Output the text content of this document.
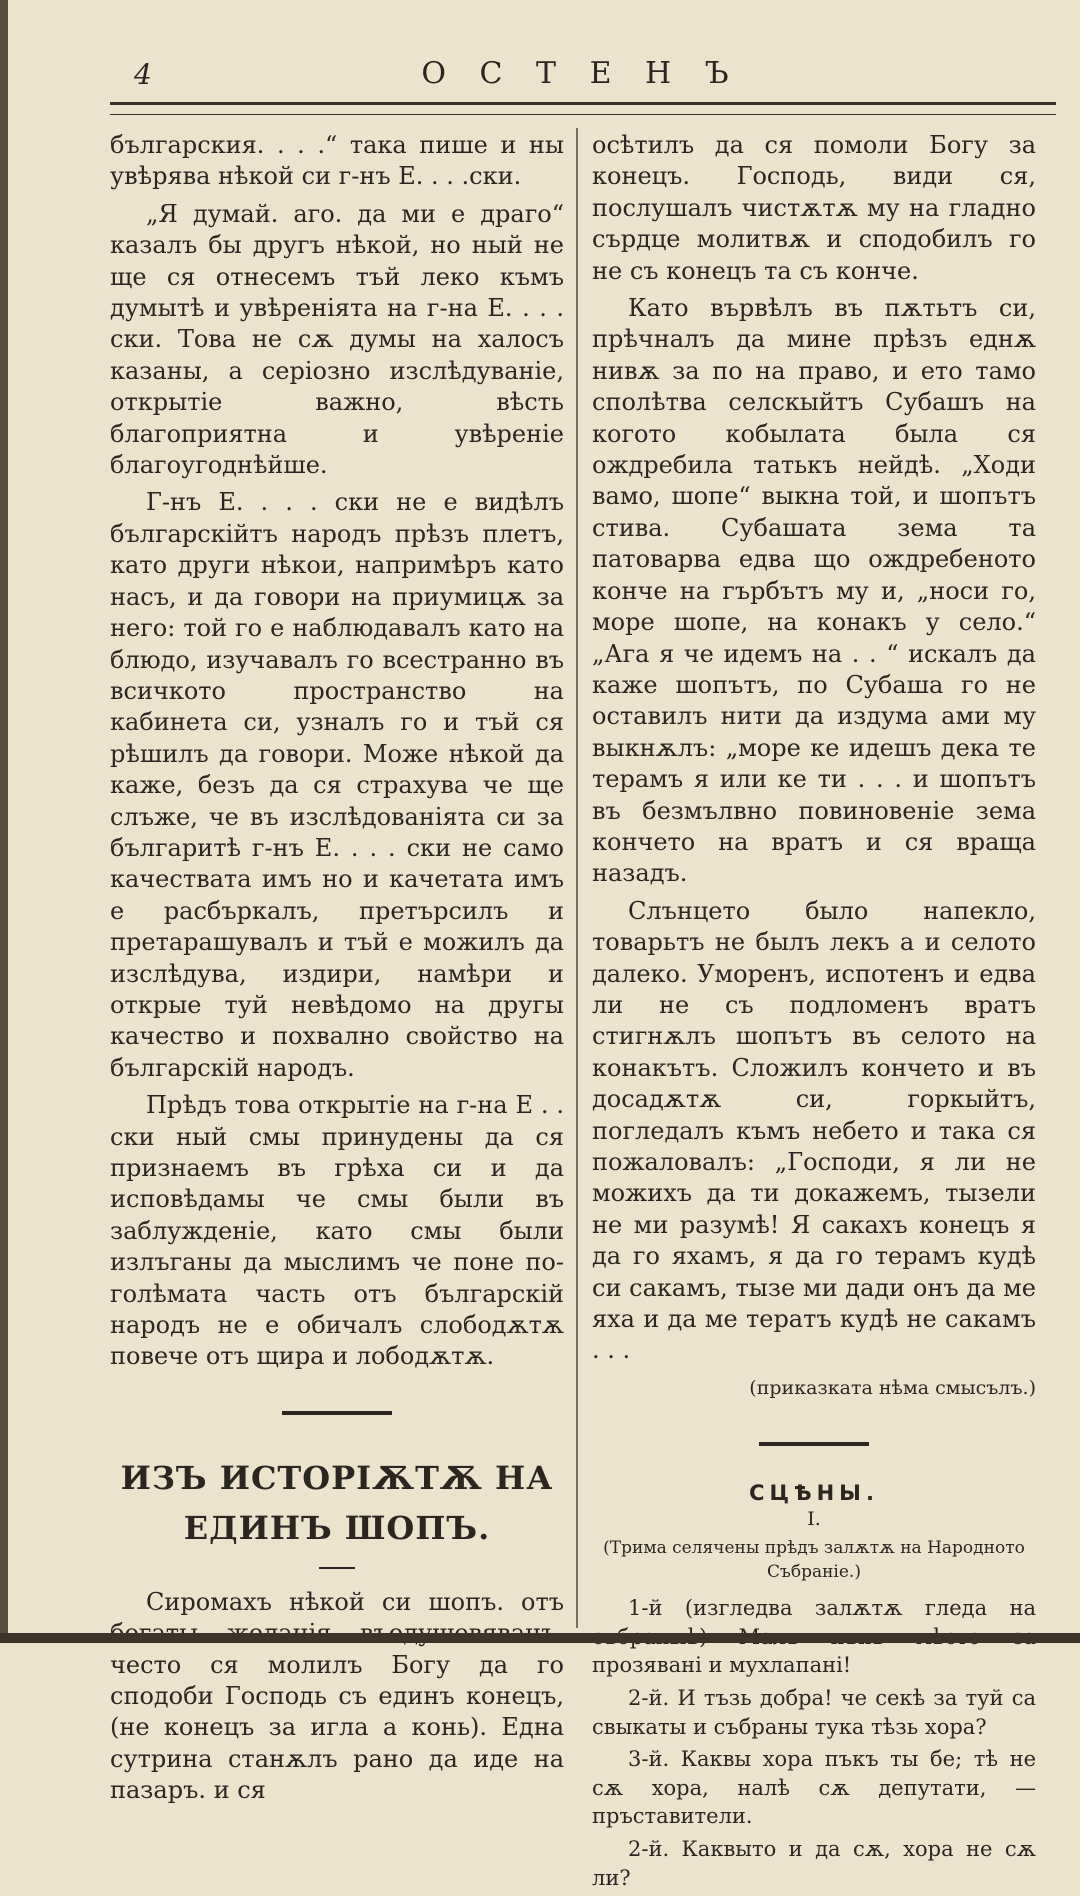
4	О С Т Е Н Ъ

българския. . . .“ така пише и ны увѣрява нѣкой си г-нъ Е. . . .ски.

„Я думай. аго. да ми е драго“ казалъ бы другъ нѣкой, но ный не ще ся отнесемъ тъй леко къмъ думытѣ и увѣренiята на г-на Е. . . . ски. Това не сѫ думы на халосъ казаны, а серiозно изслѣдуванiе, открытiе важно, вѣсть благоприятна и увѣренiе благоугоднѣйше.

Г-нъ Е. . . . ски не е видѣлъ българскiйтъ народъ прѣзъ плетъ, като други нѣкои, напримѣръ като насъ, и да говори на приумицѫ за него: той го е наблюдавалъ като на блюдо, изучавалъ го всестранно въ всичкото пространство на кабинета си, узналъ го и тъй ся рѣшилъ да говори. Може нѣкой да каже, безъ да ся страхува че ще слъже, че въ изслѣдованiята си за българитѣ г-нъ Е. . . . ски не само качествата имъ но и качетата имъ е расбъркалъ, претърсилъ и претарашувалъ и тъй е можилъ да изслѣдува, издири, намѣри и открые туй невѣдомо на другы качество и похвално свойство на българскiй народъ.

Прѣдъ това открытiе на г-на Е . . ски ный смы принудены да ся признаемъ въ грѣха си и да исповѣдамы че смы были въ заблужденiе, като смы были излъганы да мыслимъ че поне по-голѣмата часть отъ българскiй народъ не е обичалъ слободѫтѫ повече отъ щира и лободѫтѫ.

ИЗЪ ИСТОРIѪТѪ НА ЕДИНЪ ШОПЪ.

Сиромахъ нѣкой си шопъ. отъ често ся молилъ Богу да го сподоби Господь съ единъ конецъ, (не конецъ за игла а конь). Една сутрина станѫлъ рано да иде на пазаръ. и ся

осѣтилъ да ся помоли Богу за конецъ. Господь, види ся, послушалъ чистѫтѫ му на гладно сърдце молитвѫ и сподобилъ го не съ конецъ та съ конче.

Като вървѣлъ въ пѫтьтъ си, прѣчналъ да мине прѣзъ еднѫ нивѫ за по на право, и ето тамо сполѣтва селскыйтъ Субашъ на когото кобылата была ся ождребила татькъ нейдѣ. „Ходи вамо, шопе“ выкна той, и шопътъ стива. Субашата зема та патоварва едва що ождребеното конче на гърбътъ му и, „носи го, море шопе, на конакъ у село.“ „Ага я че идемъ на . . “ искалъ да каже шопътъ, по Субаша го не оставилъ нити да издума ами му выкнѫлъ: „море ке идешъ дека те терамъ я или ке ти . . . и шопътъ въ безмълвно повиновенiе зема кончето на вратъ и ся враща назадъ.

Слънцето было напекло, товарьтъ не былъ лекъ а и селото далеко. Уморенъ, испотенъ и едва ли не съ подломенъ вратъ стигнѫлъ шопътъ въ селото на конакътъ. Сложилъ кончето и въ досадѫтѫ си, горкыйтъ, погледалъ къмъ небето и така ся пожаловалъ: „Господи, я ли не можихъ да ти докажемъ, тызели не ми разумѣ! Я сакахъ конецъ я да го яхамъ, я да го терамъ кудѣ си сакамъ, тызе ми дади онъ да ме яха и да ме тератъ кудѣ не сакамъ . . .

(приказката нѣма смысълъ.)

СЦѢНЫ.
I.
(Трима селячены прѣдъ залѫтѫ на Народното Събранiе.)

1-й (изгледва залѫтѫ гледа на прозяванi и мухлапанi!

2-й. И тъзь добра! че секѣ за туй са свыкаты и събраны тука тѣзь хора?

3-й. Каквы хора пъкъ ты бе; тѣ не сѫ хора, налѣ сѫ депутати, — пръставители.

2-й. Каквыто и да сѫ, хора не сѫ ли?
